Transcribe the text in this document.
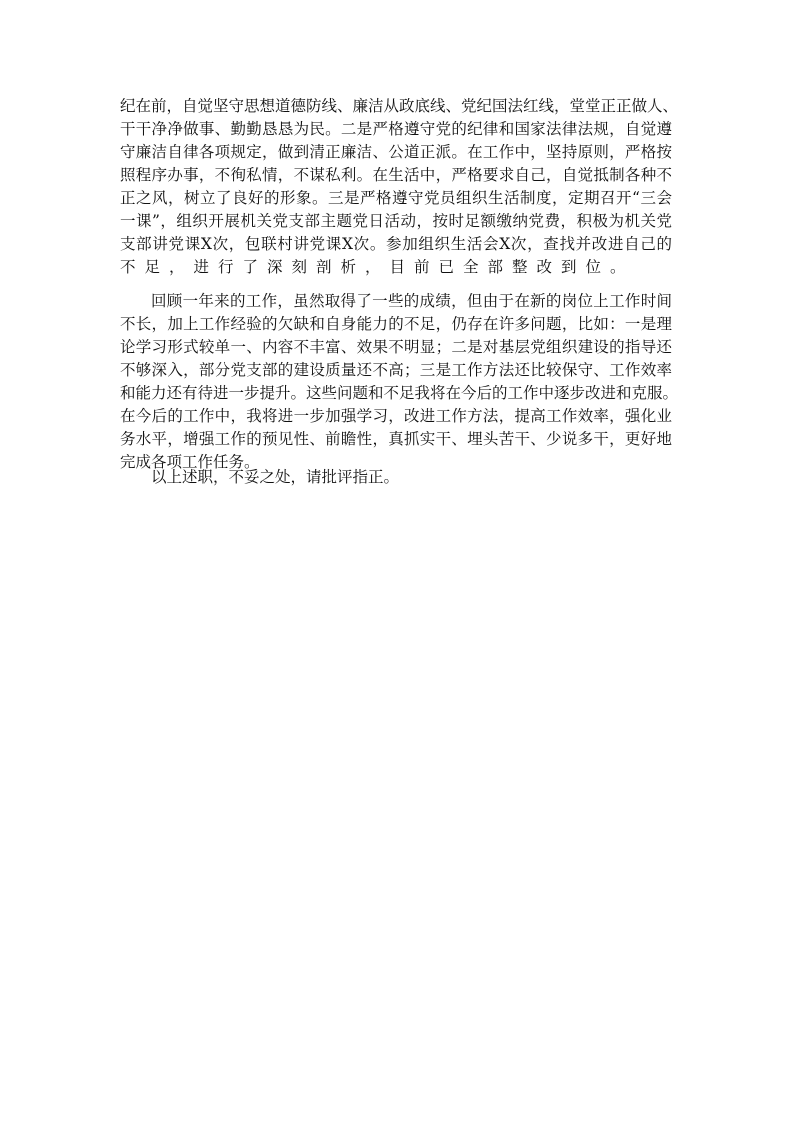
纪在前，自觉坚守思想道德防线、廉洁从政底线、党纪国法红线，堂堂正正做人、
干干净净做事、勤勤恳恳为民。二是严格遵守党的纪律和国家法律法规，自觉遵
守廉洁自律各项规定，做到清正廉洁、公道正派。在工作中，坚持原则，严格按
照程序办事，不徇私情，不谋私利。在生活中，严格要求自己，自觉抵制各种不
正之风，树立了良好的形象。三是严格遵守党员组织生活制度，定期召开“三会
一课”，组织开展机关党支部主题党日活动，按时足额缴纳党费，积极为机关党
支部讲党课X次，包联村讲党课X次。参加组织生活会X次，查找并改进自己的
不足，进行了深刻剖析，目前已全部整改到位。
回顾一年来的工作，虽然取得了一些的成绩，但由于在新的岗位上工作时间
不长，加上工作经验的欠缺和自身能力的不足，仍存在许多问题，比如：一是理
论学习形式较单一、内容不丰富、效果不明显；二是对基层党组织建设的指导还
不够深入，部分党支部的建设质量还不高；三是工作方法还比较保守、工作效率
和能力还有待进一步提升。这些问题和不足我将在今后的工作中逐步改进和克服。
在今后的工作中，我将进一步加强学习，改进工作方法，提高工作效率，强化业
务水平，增强工作的预见性、前瞻性，真抓实干、埋头苦干、少说多干，更好地
完成各项工作任务。
以上述职，不妥之处，请批评指正。
